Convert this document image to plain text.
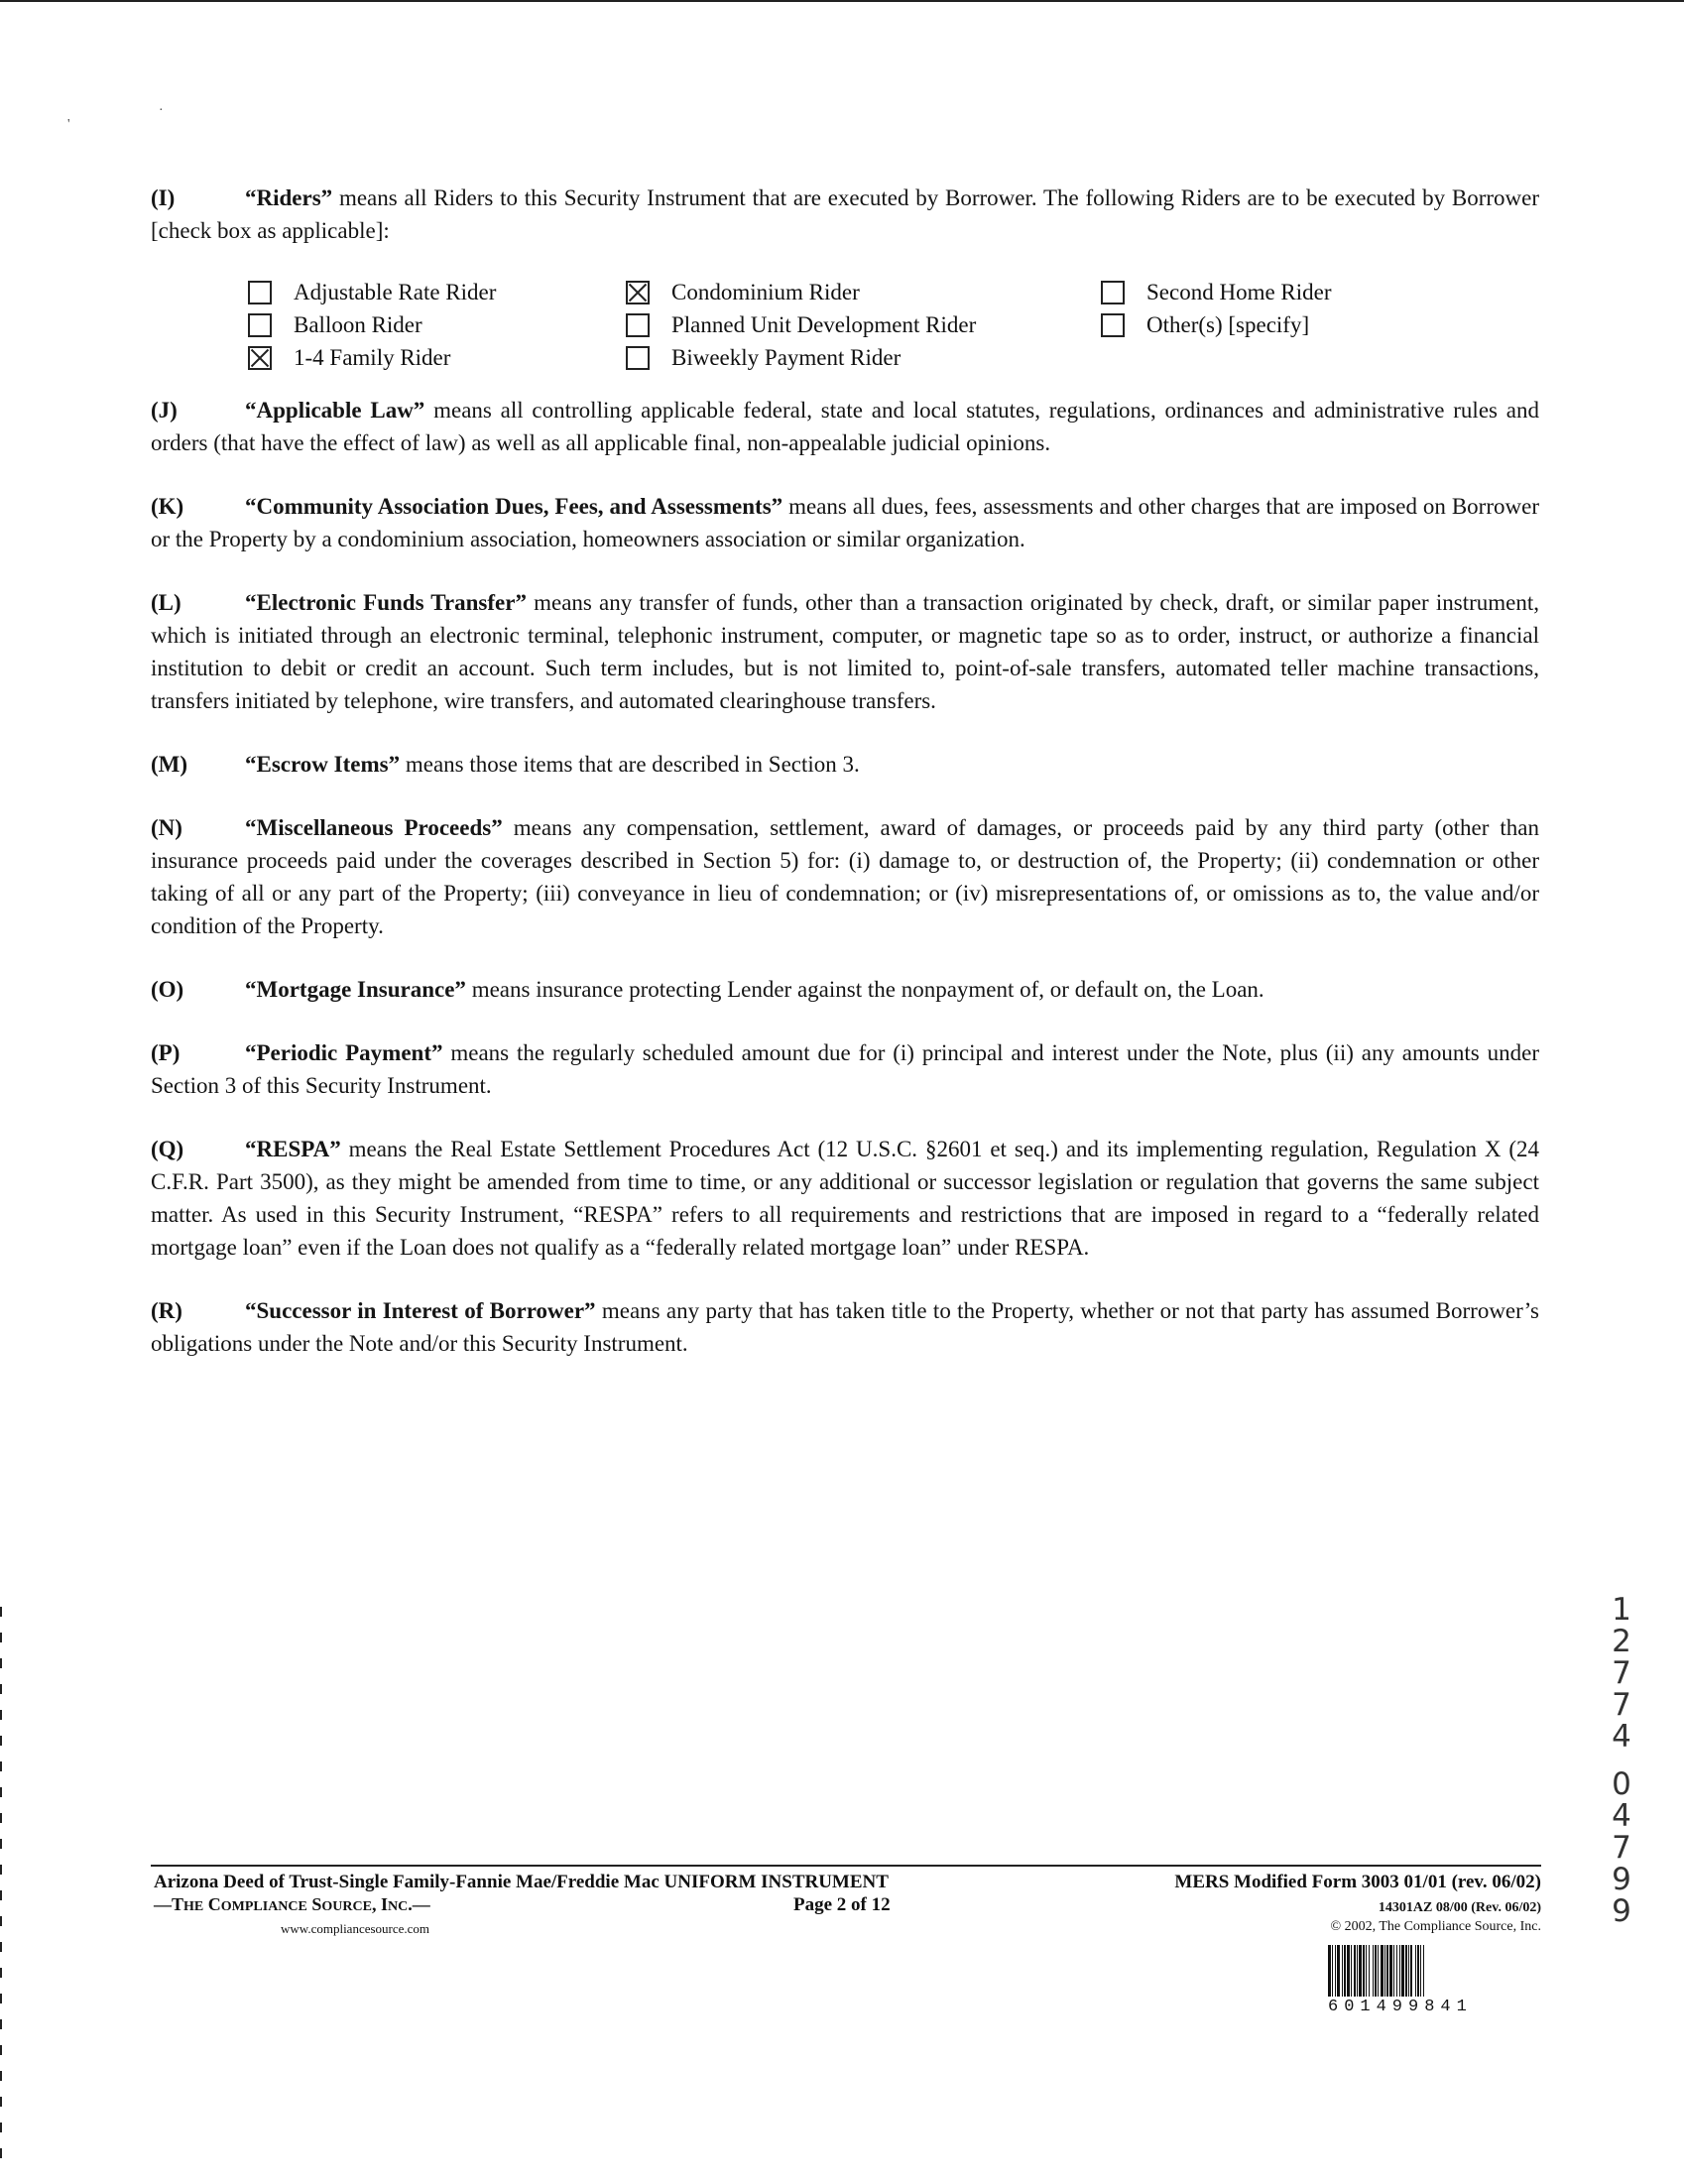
·
'

(I)	“Riders” means all Riders to this Security Instrument that are executed by Borrower. The following Riders are to be executed by Borrower [check box as applicable]:

Adjustable Rate Rider	Condominium Rider	Second Home Rider
Balloon Rider	Planned Unit Development Rider	Other(s) [specify]
1-4 Family Rider	Biweekly Payment Rider

(J)	“Applicable Law” means all controlling applicable federal, state and local statutes, regulations, ordinances and administrative rules and orders (that have the effect of law) as well as all applicable final, non-appealable judicial opinions.

(K)	“Community Association Dues, Fees, and Assessments” means all dues, fees, assessments and other charges that are imposed on Borrower or the Property by a condominium association, homeowners association or similar organization.

(L)	“Electronic Funds Transfer” means any transfer of funds, other than a transaction originated by check, draft, or similar paper instrument, which is initiated through an electronic terminal, telephonic instrument, computer, or magnetic tape so as to order, instruct, or authorize a financial institution to debit or credit an account. Such term includes, but is not limited to, point-of-sale transfers, automated teller machine transactions, transfers initiated by telephone, wire transfers, and automated clearinghouse transfers.

(M)	“Escrow Items” means those items that are described in Section 3.

(N)	“Miscellaneous Proceeds” means any compensation, settlement, award of damages, or proceeds paid by any third party (other than insurance proceeds paid under the coverages described in Section 5) for: (i) damage to, or destruction of, the Property; (ii) condemnation or other taking of all or any part of the Property; (iii) conveyance in lieu of condemnation; or (iv) misrepresentations of, or omissions as to, the value and/or condition of the Property.

(O)	“Mortgage Insurance” means insurance protecting Lender against the nonpayment of, or default on, the Loan.

(P)	“Periodic Payment” means the regularly scheduled amount due for (i) principal and interest under the Note, plus (ii) any amounts under Section 3 of this Security Instrument.

(Q)	“RESPA” means the Real Estate Settlement Procedures Act (12 U.S.C. §2601 et seq.) and its implementing regulation, Regulation X (24 C.F.R. Part 3500), as they might be amended from time to time, or any additional or successor legislation or regulation that governs the same subject matter. As used in this Security Instrument, “RESPA” refers to all requirements and restrictions that are imposed in regard to a “federally related mortgage loan” even if the Loan does not qualify as a “federally related mortgage loan” under RESPA.

(R)	“Successor in Interest of Borrower” means any party that has taken title to the Property, whether or not that party has assumed Borrower’s obligations under the Note and/or this Security Instrument.

1
2
7
7
4
0
4
7
9
9
Arizona Deed of Trust-Single Family-Fannie Mae/Freddie Mac UNIFORM INSTRUMENT
—THE COMPLIANCE SOURCE, INC.—
www.compliancesource.com
Page 2 of 12
MERS Modified Form 3003 01/01 (rev. 06/02)
14301AZ 08/00 (Rev. 06/02)
© 2002, The Compliance Source, Inc.
601499841
